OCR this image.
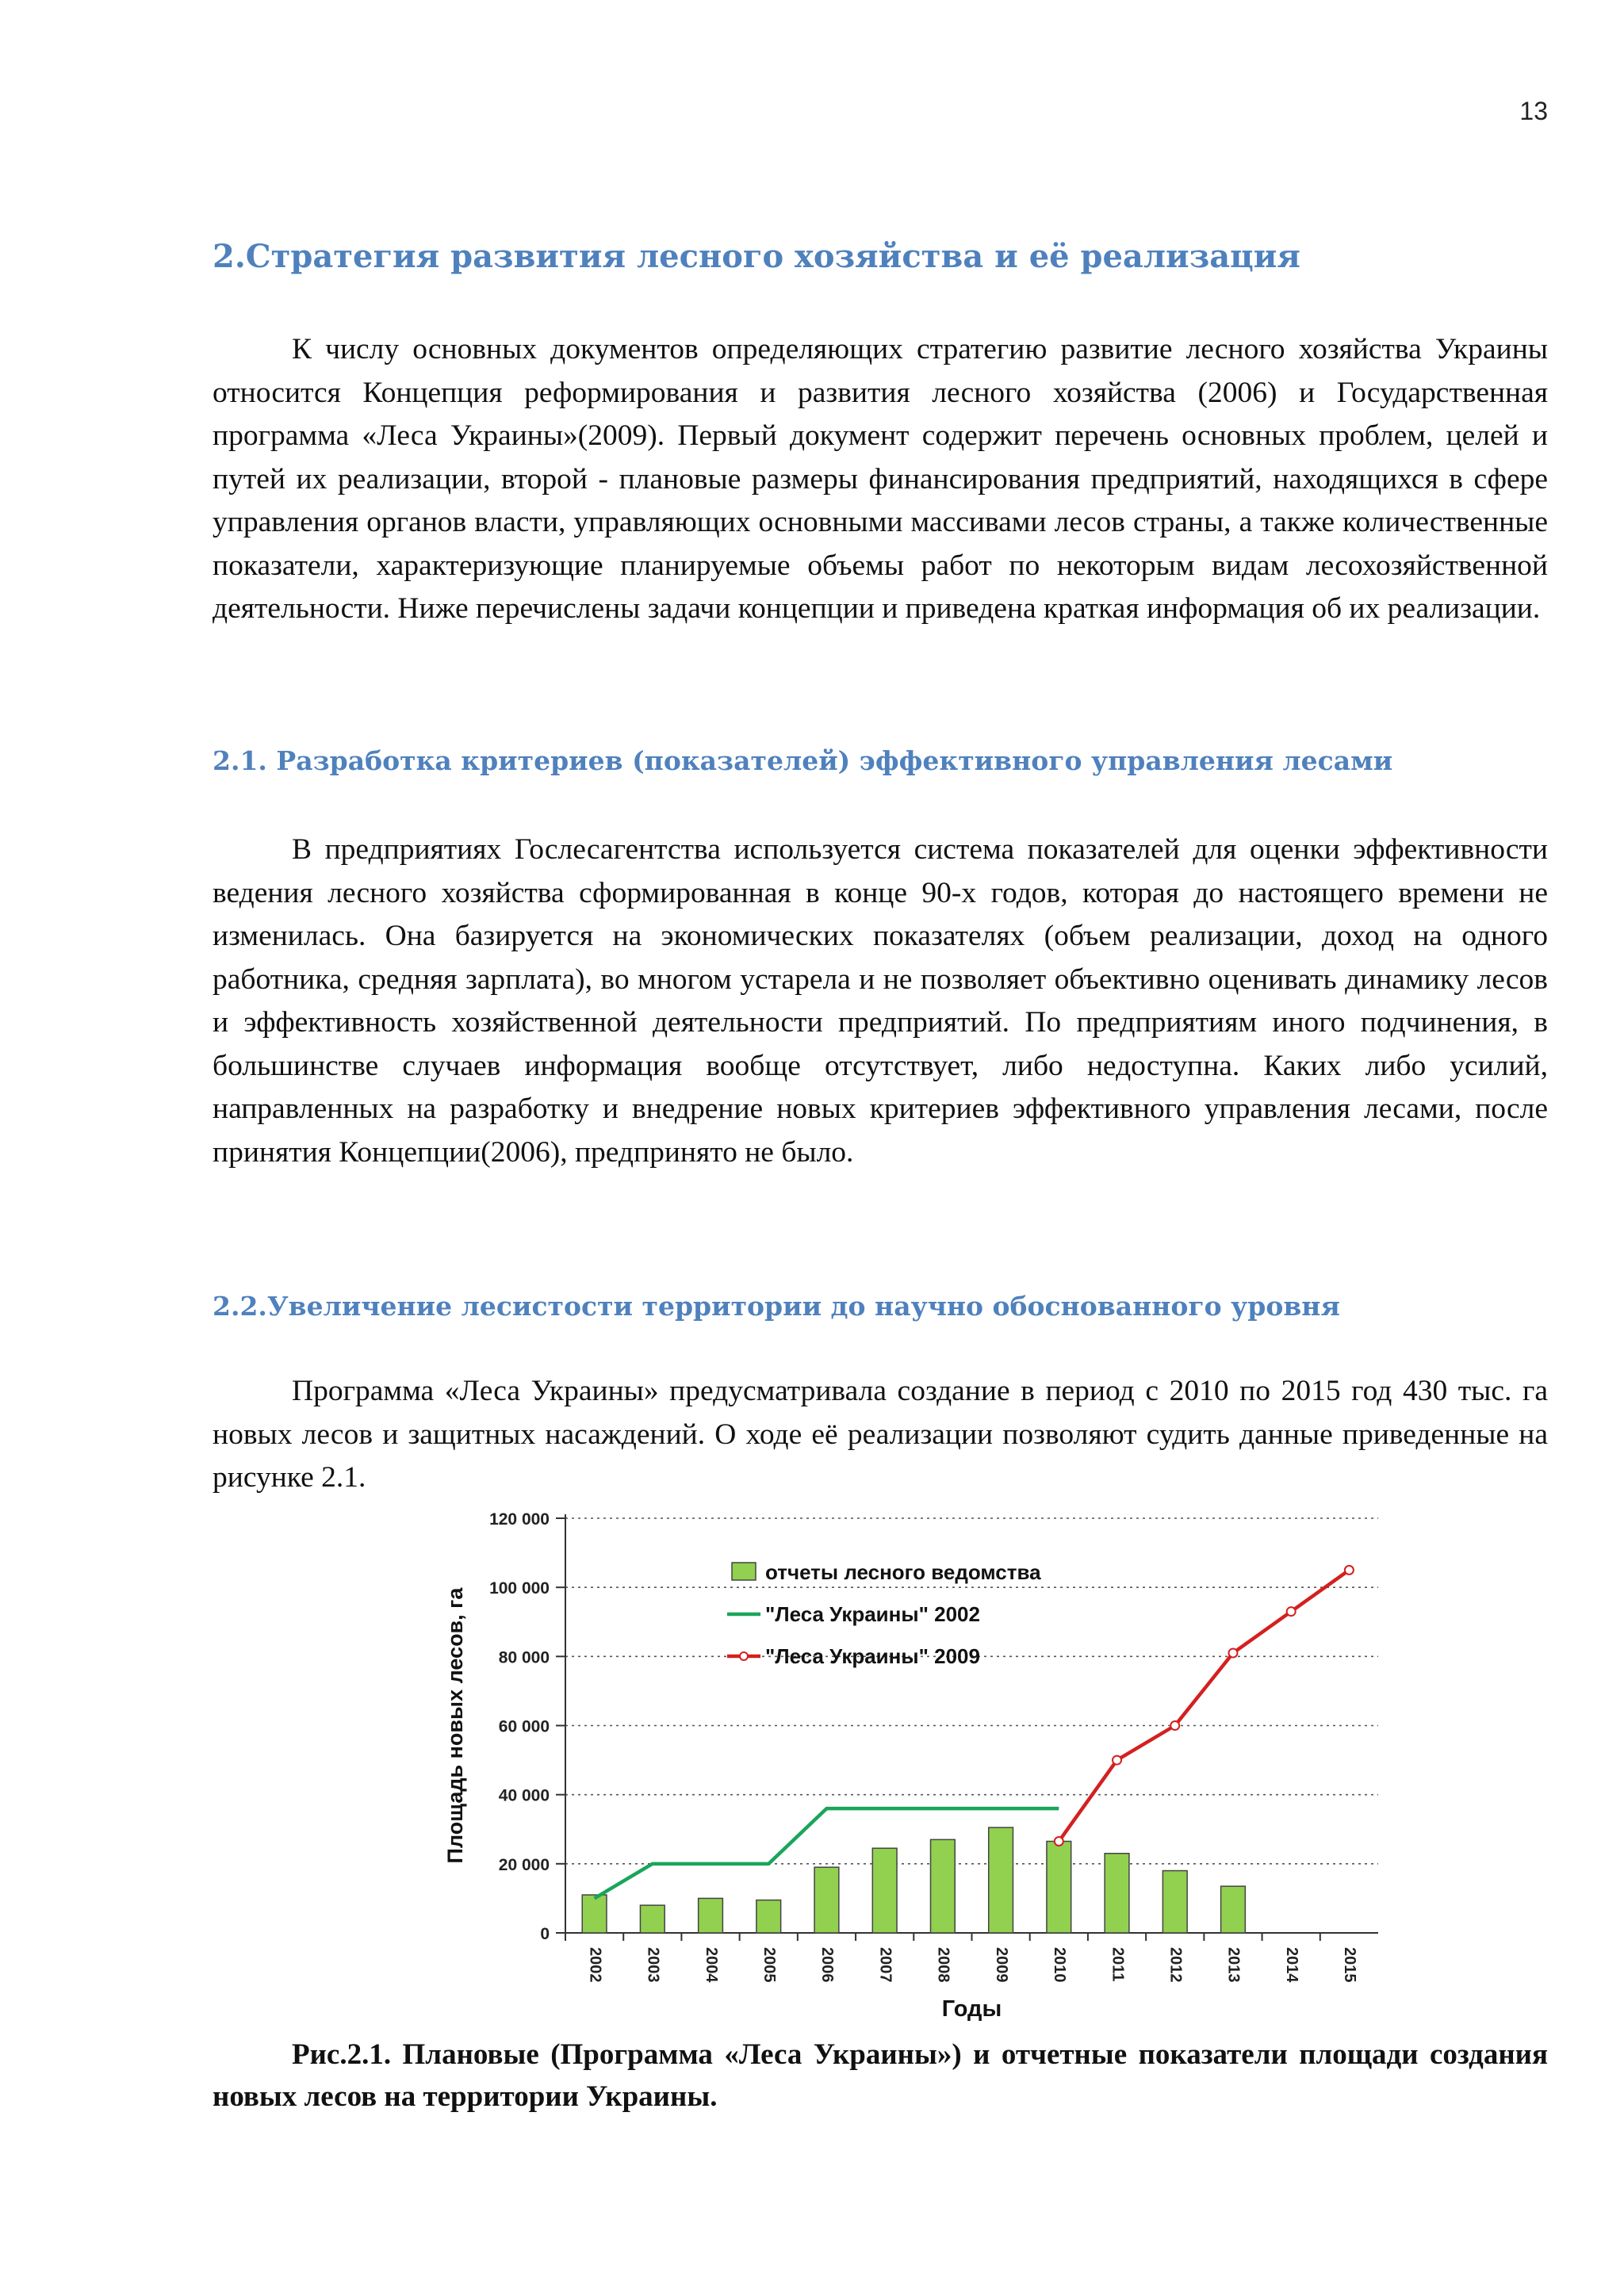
13
2.Стратегия развития лесного хозяйства и её реализация

К числу основных документов определяющих стратегию развитие лесного хозяйства Украины относится Концепция реформирования и развития лесного хозяйства (2006) и Государственная программа «Леса Украины»(2009). Первый документ содержит перечень основных проблем, целей и путей их реализации, второй - плановые размеры финансирования предприятий, находящихся в сфере управления органов власти, управляющих основными массивами лесов страны, а также количественные показатели, характеризующие планируемые объемы работ по некоторым видам лесохозяйственной деятельности. Ниже перечислены задачи концепции и приведена краткая информация об их реализации.

2.1. Разработка критериев (показателей) эффективного управления лесами

В предприятиях Гослесагентства используется система показателей для оценки эффективности ведения лесного хозяйства сформированная в конце 90-х годов, которая до настоящего времени не изменилась. Она базируется на экономических показателях (объем реализации, доход на одного работника, средняя зарплата), во многом устарела и не позволяет объективно оценивать динамику лесов и эффективность хозяйственной деятельности предприятий. По предприятиям иного подчинения, в большинстве случаев информация вообще отсутствует, либо недоступна. Каких либо усилий, направленных на разработку и внедрение новых критериев эффективного управления лесами, после принятия Концепции(2006), предпринято не было.

2.2.Увеличение лесистости территории до научно обоснованного уровня

Программа «Леса Украины» предусматривала создание в период с 2010 по 2015 год 430 тыс. га новых лесов и защитных насаждений. О ходе её реализации позволяют судить данные приведенные на рисунке 2.1.

0
20 000
40 000
60 000
80 000
100 000
120 000
2002	2003	2004	2005	2006	2007	2008	2009	2010	2011	2012	2013	2014	2015
Площадь новых лесов, га
Годы
отчеты лесного ведомства
"Леса Украины" 2002
"Леса Украины" 2009

Рис.2.1. Плановые (Программа «Леса Украины») и отчетные показатели площади создания новых лесов на территории Украины.
